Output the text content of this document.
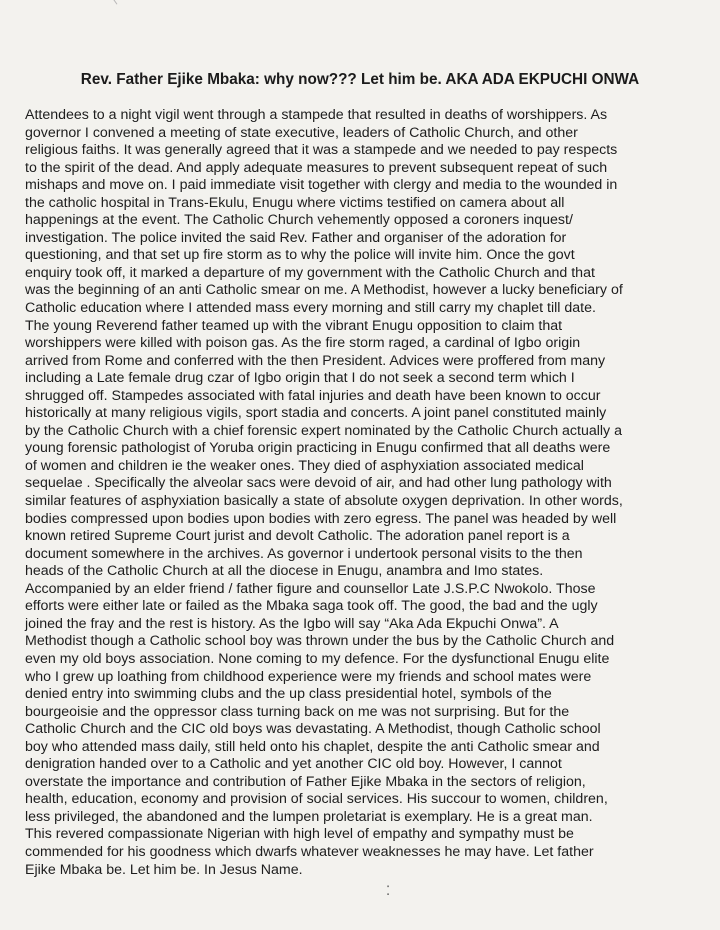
Rev. Father Ejike Mbaka: why now??? Let him be. AKA ADA EKPUCHI ONWA
Attendees to a night vigil went through a stampede that resulted in deaths of worshippers. As
governor I convened a meeting of state executive, leaders of Catholic Church, and other
religious faiths. It was generally agreed that it was a stampede and we needed to pay respects
to the spirit of the dead. And apply adequate measures to prevent subsequent repeat of such
mishaps and move on. I paid immediate visit together with clergy and media to the wounded in
the catholic hospital in Trans-Ekulu, Enugu where victims testified on camera about all
happenings at the event. The Catholic Church vehemently opposed a coroners inquest/
investigation. The police invited the said Rev. Father and organiser of the adoration for
questioning, and that set up fire storm as to why the police will invite him. Once the govt
enquiry took off, it marked a departure of my government with the Catholic Church and that
was the beginning of an anti Catholic smear on me. A Methodist, however a lucky beneficiary of
Catholic education where I attended mass every morning and still carry my chaplet till date.
The young Reverend father teamed up with the vibrant Enugu opposition to claim that
worshippers were killed with poison gas. As the fire storm raged, a cardinal of Igbo origin
arrived from Rome and conferred with the then President. Advices were proffered from many
including a Late female drug czar of Igbo origin that I do not seek a second term which I
shrugged off. Stampedes associated with fatal injuries and death have been known to occur
historically at many religious vigils, sport stadia and concerts. A joint panel constituted mainly
by the Catholic Church with a chief forensic expert nominated by the Catholic Church actually a
young forensic pathologist of Yoruba origin practicing in Enugu confirmed that all deaths were
of women and children ie the weaker ones. They died of asphyxiation associated medical
sequelae . Specifically the alveolar sacs were devoid of air, and had other lung pathology with
similar features of asphyxiation basically a state of absolute oxygen deprivation. In other words,
bodies compressed upon bodies upon bodies with zero egress. The panel was headed by well
known retired Supreme Court jurist and devolt Catholic. The adoration panel report is a
document somewhere in the archives. As governor i undertook personal visits to the then
heads of the Catholic Church at all the diocese in Enugu, anambra and Imo states.
Accompanied by an elder friend / father figure and counsellor Late J.S.P.C Nwokolo. Those
efforts were either late or failed as the Mbaka saga took off. The good, the bad and the ugly
joined the fray and the rest is history. As the Igbo will say “Aka Ada Ekpuchi Onwa”. A
Methodist though a Catholic school boy was thrown under the bus by the Catholic Church and
even my old boys association. None coming to my defence. For the dysfunctional Enugu elite
who I grew up loathing from childhood experience were my friends and school mates were
denied entry into swimming clubs and the up class presidential hotel, symbols of the
bourgeoisie and the oppressor class turning back on me was not surprising. But for the
Catholic Church and the CIC old boys was devastating. A Methodist, though Catholic school
boy who attended mass daily, still held onto his chaplet, despite the anti Catholic smear and
denigration handed over to a Catholic and yet another CIC old boy. However, I cannot
overstate the importance and contribution of Father Ejike Mbaka in the sectors of religion,
health, education, economy and provision of social services. His succour to women, children,
less privileged, the abandoned and the lumpen proletariat is exemplary. He is a great man.
This revered compassionate Nigerian with high level of empathy and sympathy must be
commended for his goodness which dwarfs whatever weaknesses he may have. Let father
Ejike Mbaka be. Let him be. In Jesus Name.
⁚
